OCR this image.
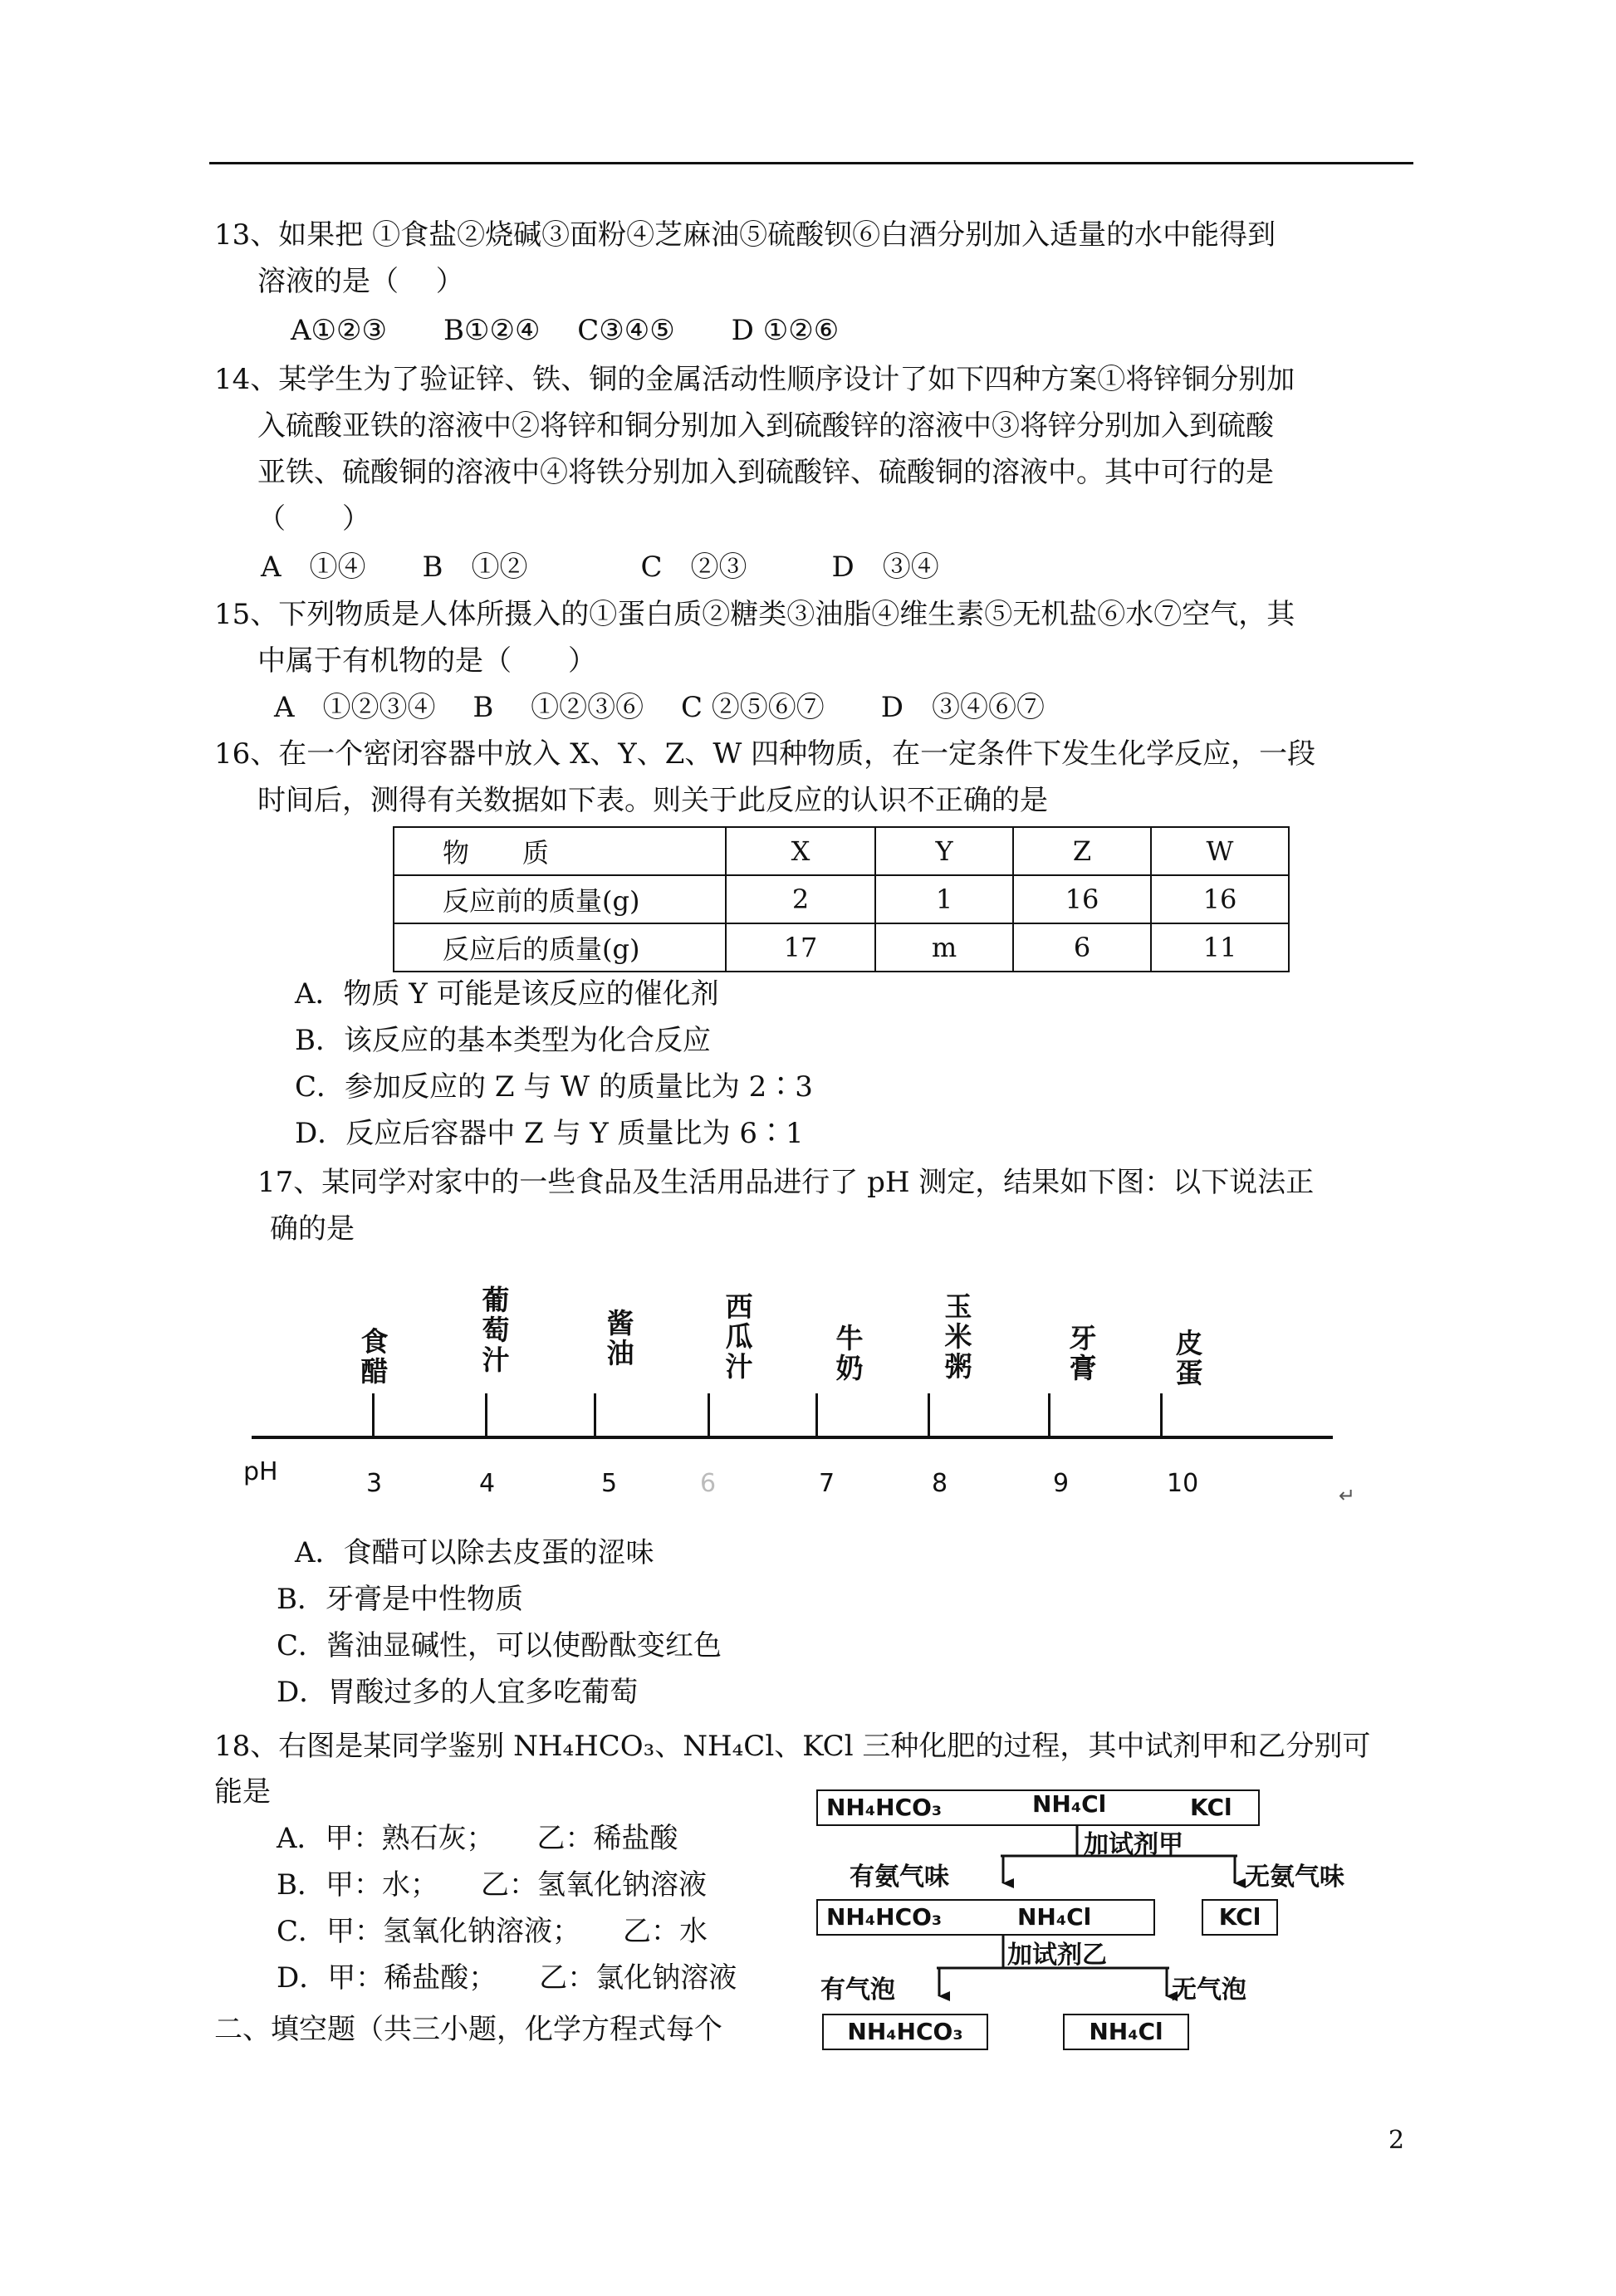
13、如果把 ①食盐②烧碱③面粉④芝麻油⑤硫酸钡⑥白酒分别加入适量的水中能得到
溶液的是（　 ）
A①②③　　B①②④　 C③④⑤　　D ①②⑥
14、某学生为了验证锌、铁、铜的金属活动性顺序设计了如下四种方案①将锌铜分别加
入硫酸亚铁的溶液中②将锌和铜分别加入到硫酸锌的溶液中③将锌分别加入到硫酸
亚铁、硫酸铜的溶液中④将铁分别加入到硫酸锌、硫酸铜的溶液中。其中可行的是
（　　）
A　①④　　B　①②　　　　C　②③　　　D　③④
15、下列物质是人体所摄入的①蛋白质②糖类③油脂④维生素⑤无机盐⑥水⑦空气，其
中属于有机物的是（　　）
A　①②③④　 B　 ①②③⑥　 C ②⑤⑥⑦　　D　③④⑥⑦
16、在一个密闭容器中放入 X、Y、Z、W 四种物质，在一定条件下发生化学反应，一段
时间后，测得有关数据如下表。则关于此反应的认识不正确的是
物　　质	X	Y	Z	W
反应前的质量(g)	2	1	16	16
反应后的质量(g)	17	m	6	11
A．物质 Y 可能是该反应的催化剂
B．该反应的基本类型为化合反应
C．参加反应的 Z 与 W 的质量比为 2∶3
D．反应后容器中 Z 与 Y 质量比为 6∶1
17、某同学对家中的一些食品及生活用品进行了 pH 测定，结果如下图：以下说法正
确的是
pH	3	4	5	6	7	8	9	10
食
醋
葡
萄
汁
酱
油
西
瓜
汁
牛
奶
玉
米
粥
牙
膏
皮
蛋
↵
A．食醋可以除去皮蛋的涩味
B．牙膏是中性物质
C．酱油显碱性，可以使酚酞变红色
D．胃酸过多的人宜多吃葡萄
18、右图是某同学鉴别 NH₄HCO₃、NH₄Cl、KCl 三种化肥的过程，其中试剂甲和乙分别可
能是
A．甲：熟石灰；　　乙：稀盐酸
B．甲：水；　　乙：氢氧化钠溶液
C．甲：氢氧化钠溶液；　　乙：水
D．甲：稀盐酸；　　乙：氯化钠溶液
NH₄HCO₃	NH₄Cl	KCl
加试剂甲
有氨气味	无氨气味
NH₄HCO₃	NH₄Cl	KCl
加试剂乙
有气泡	无气泡
NH₄HCO₃	NH₄Cl
二、填空题（共三小题，化学方程式每个
2
